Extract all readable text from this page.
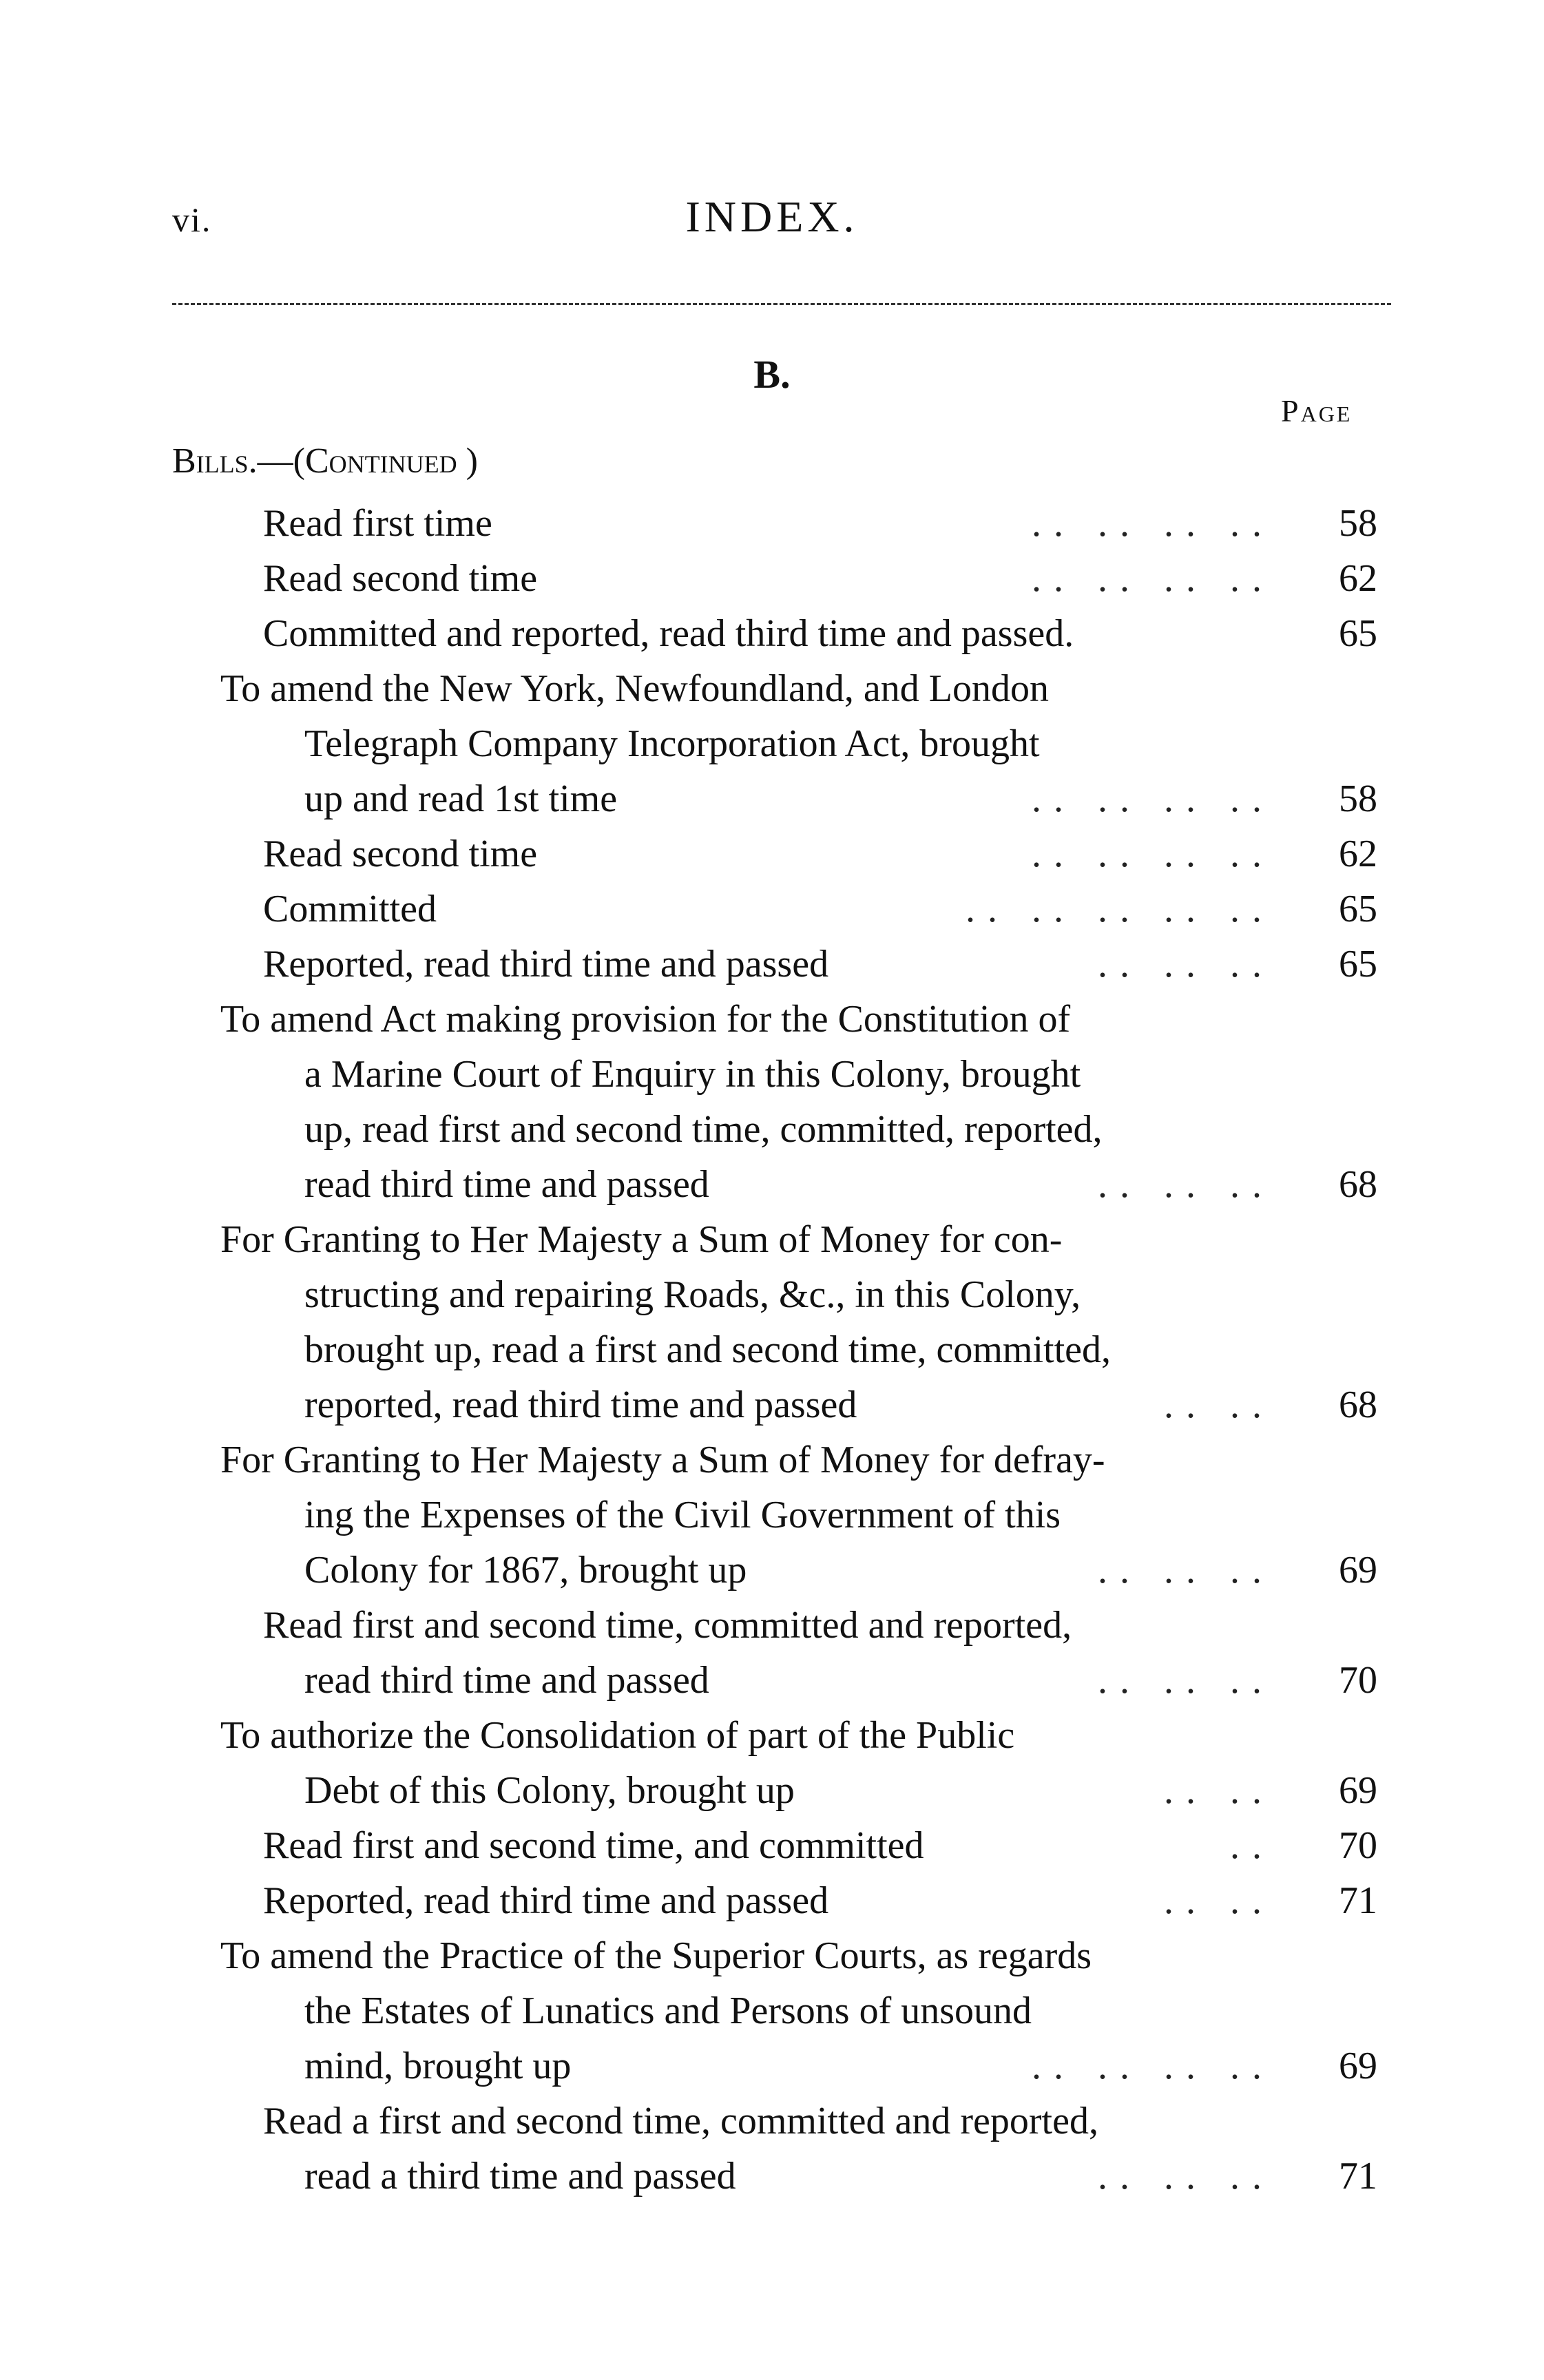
vi.	INDEX.
B.
Page
Bills.—(Continued )
Read first time	.. .. .. ..	58
Read second time	.. .. .. ..	62
Committed and reported, read third time and passed.	65
To amend the New York, Newfoundland, and London
Telegraph Company Incorporation Act, brought
up and read 1st time	.. .. .. ..	58
Read second time	.. .. .. ..	62
Committed	.. .. .. .. ..	65
Reported, read third time and passed	.. .. ..	65
To amend Act making provision for the Constitution of
a Marine Court of Enquiry in this Colony, brought
up, read first and second time, committed, reported,
read third time and passed	.. .. ..	68
For Granting to Her Majesty a Sum of Money for con-
structing and repairing Roads, &c., in this Colony,
brought up, read a first and second time, committed,
reported, read third time and passed	.. ..	68
For Granting to Her Majesty a Sum of Money for defray-
ing the Expenses of the Civil Government of this
Colony for 1867, brought up	.. .. ..	69
Read first and second time, committed and reported,
read third time and passed	.. .. ..	70
To authorize the Consolidation of part of the Public
Debt of this Colony, brought up	.. ..	69
Read first and second time, and committed	..	70
Reported, read third time and passed	.. ..	71
To amend the Practice of the Superior Courts, as regards
the Estates of Lunatics and Persons of unsound
mind, brought up	.. .. .. ..	69
Read a first and second time, committed and reported,
read a third time and passed	.. .. ..	71
